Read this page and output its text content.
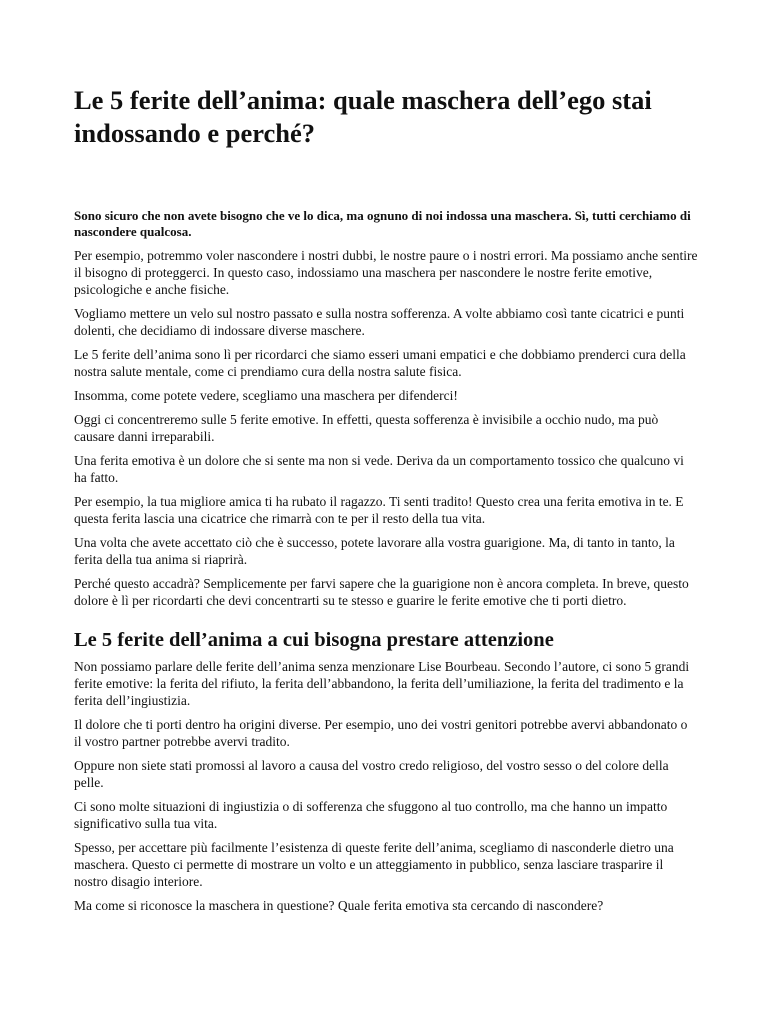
Le 5 ferite dell’anima: quale maschera dell’ego stai indossando e perché?

Sono sicuro che non avete bisogno che ve lo dica, ma ognuno di noi indossa una maschera. Sì, tutti cerchiamo di nascondere qualcosa.

Per esempio, potremmo voler nascondere i nostri dubbi, le nostre paure o i nostri errori. Ma possiamo anche sentire il bisogno di proteggerci. In questo caso, indossiamo una maschera per nascondere le nostre ferite emotive, psicologiche e anche fisiche.

Vogliamo mettere un velo sul nostro passato e sulla nostra sofferenza. A volte abbiamo così tante cicatrici e punti dolenti, che decidiamo di indossare diverse maschere.

Le 5 ferite dell’anima sono lì per ricordarci che siamo esseri umani empatici e che dobbiamo prenderci cura della nostra salute mentale, come ci prendiamo cura della nostra salute fisica.

Insomma, come potete vedere, scegliamo una maschera per difenderci!

Oggi ci concentreremo sulle 5 ferite emotive. In effetti, questa sofferenza è invisibile a occhio nudo, ma può causare danni irreparabili.

Una ferita emotiva è un dolore che si sente ma non si vede. Deriva da un comportamento tossico che qualcuno vi ha fatto.

Per esempio, la tua migliore amica ti ha rubato il ragazzo. Ti senti tradito! Questo crea una ferita emotiva in te. E questa ferita lascia una cicatrice che rimarrà con te per il resto della tua vita.

Una volta che avete accettato ciò che è successo, potete lavorare alla vostra guarigione. Ma, di tanto in tanto, la ferita della tua anima si riaprirà.

Perché questo accadrà? Semplicemente per farvi sapere che la guarigione non è ancora completa. In breve, questo dolore è lì per ricordarti che devi concentrarti su te stesso e guarire le ferite emotive che ti porti dietro.

Le 5 ferite dell’anima a cui bisogna prestare attenzione

Non possiamo parlare delle ferite dell’anima senza menzionare Lise Bourbeau. Secondo l’autore, ci sono 5 grandi ferite emotive: la ferita del rifiuto, la ferita dell’abbandono, la ferita dell’umiliazione, la ferita del tradimento e la ferita dell’ingiustizia.

Il dolore che ti porti dentro ha origini diverse. Per esempio, uno dei vostri genitori potrebbe avervi abbandonato o il vostro partner potrebbe avervi tradito.

Oppure non siete stati promossi al lavoro a causa del vostro credo religioso, del vostro sesso o del colore della pelle.

Ci sono molte situazioni di ingiustizia o di sofferenza che sfuggono al tuo controllo, ma che hanno un impatto significativo sulla tua vita.

Spesso, per accettare più facilmente l’esistenza di queste ferite dell’anima, scegliamo di nasconderle dietro una maschera. Questo ci permette di mostrare un volto e un atteggiamento in pubblico, senza lasciare trasparire il nostro disagio interiore.

Ma come si riconosce la maschera in questione? Quale ferita emotiva sta cercando di nascondere?
